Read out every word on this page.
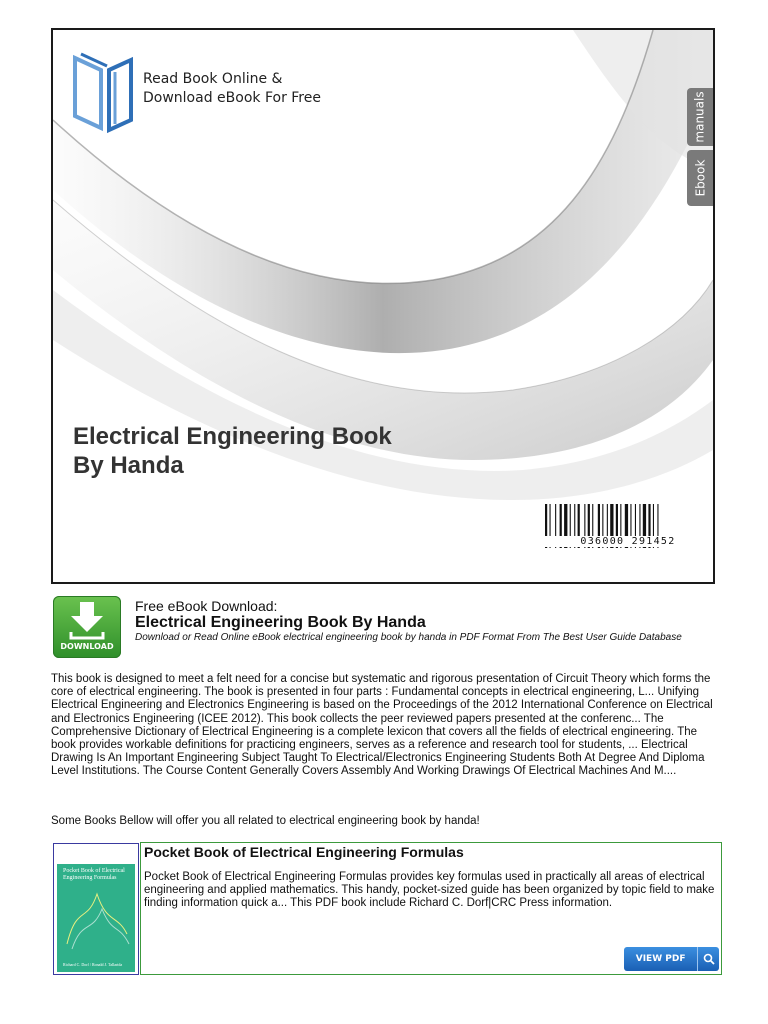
Read Book Online &
Download eBook For Free	manuals
Ebook
Electrical Engineering Book
By Handa
036000 291452
DOWNLOAD
Free eBook Download:
Electrical Engineering Book By Handa
Download or Read Online eBook electrical engineering book by handa in PDF Format From The Best User Guide Database
This book is designed to meet a felt need for a concise but systematic and rigorous presentation of Circuit Theory which forms the core of electrical engineering. The book is presented in four parts : Fundamental concepts in electrical engineering, L... Unifying Electrical Engineering and Electronics Engineering is based on the Proceedings of the 2012 International Conference on Electrical and Electronics Engineering (ICEE 2012). This book collects the peer reviewed papers presented at the conferenc... The Comprehensive Dictionary of Electrical Engineering is a complete lexicon that covers all the fields of electrical engineering. The book provides workable definitions for practicing engineers, serves as a reference and research tool for students, ... Electrical Drawing Is An Important Engineering Subject Taught To Electrical/Electronics Engineering Students Both At Degree And Diploma Level Institutions. The Course Content Generally Covers Assembly And Working Drawings Of Electrical Machines And M....
Some Books Bellow will offer you all related to electrical engineering book by handa!
Pocket Book of Electrical Engineering Formulas
Richard C. Dorf / Ronald J. Tallarida
Pocket Book of Electrical Engineering Formulas
Pocket Book of Electrical Engineering Formulas provides key formulas used in practically all areas of electrical engineering and applied mathematics. This handy, pocket-sized guide has been organized by topic field to make finding information quick a... This PDF book include Richard C. Dorf|CRC Press information.
VIEW PDF
